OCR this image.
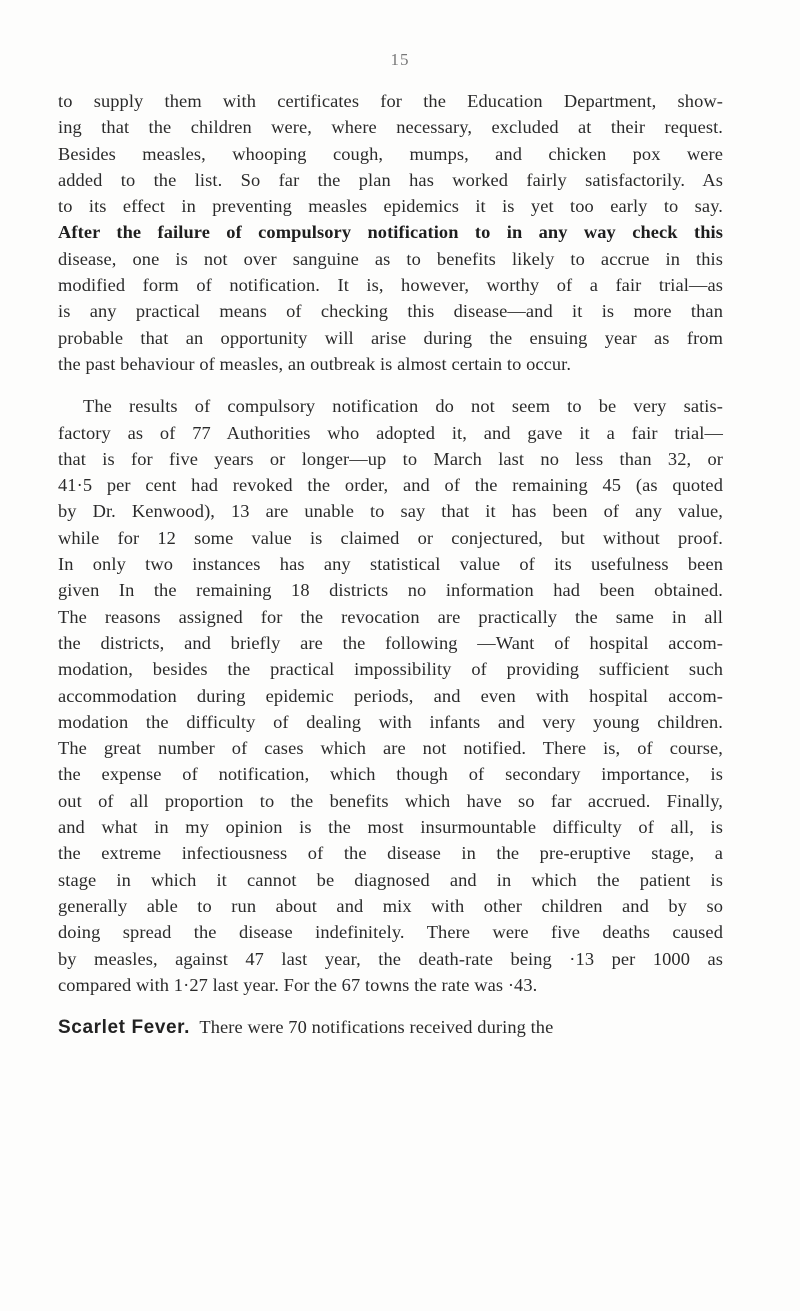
15
to supply them with certificates for the Education Department, show-
ing that the children were, where necessary, excluded at their request.
Besides measles, whooping cough, mumps, and chicken pox were
added to the list. So far the plan has worked fairly satisfactorily. As
to its effect in preventing measles epidemics it is yet too early to say.
After the failure of compulsory notification to in any way check this
disease, one is not over sanguine as to benefits likely to accrue in this
modified form of notification. It is, however, worthy of a fair trial—as
is any practical means of checking this disease—and it is more than
probable that an opportunity will arise during the ensuing year as from
the past behaviour of measles, an outbreak is almost certain to occur.
The results of compulsory notification do not seem to be very satis-
factory as of 77 Authorities who adopted it, and gave it a fair trial—
that is for five years or longer—up to March last no less than 32, or
41·5 per cent had revoked the order, and of the remaining 45 (as quoted
by Dr. Kenwood), 13 are unable to say that it has been of any value,
while for 12 some value is claimed or conjectured, but without proof.
In only two instances has any statistical value of its usefulness been
given In the remaining 18 districts no information had been obtained.
The reasons assigned for the revocation are practically the same in all
the districts, and briefly are the following —Want of hospital accom-
modation, besides the practical impossibility of providing sufficient such
accommodation during epidemic periods, and even with hospital accom-
modation the difficulty of dealing with infants and very young children.
The great number of cases which are not notified. There is, of course,
the expense of notification, which though of secondary importance, is
out of all proportion to the benefits which have so far accrued. Finally,
and what in my opinion is the most insurmountable difficulty of all, is
the extreme infectiousness of the disease in the pre-eruptive stage, a
stage in which it cannot be diagnosed and in which the patient is
generally able to run about and mix with other children and by so
doing spread the disease indefinitely. There were five deaths caused
by measles, against 47 last year, the death-rate being ·13 per 1000 as
compared with 1·27 last year. For the 67 towns the rate was ·43.
Scarlet Fever. There were 70 notifications received during the
